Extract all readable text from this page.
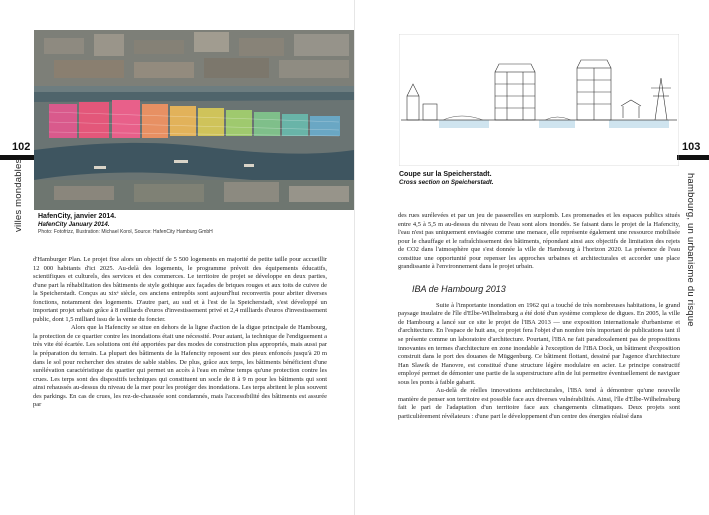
102
villes mondables HafenCity, janvier 2014.
HafenCity January 2014.
Photo: Fotofrizz, Illustration: Michael Korol, Source: HafenCity Hamburg GmbH

d'Hamburger Plan. Le projet fixe alors un objectif de 5 500 logements en majorité de petite taille pour accueillir 12 000 habitants d'ici 2025. Au-delà des logements, le programme prévoit des équipements éducatifs, scientifiques et culturels, des services et des commerces. Le territoire de projet se développe en deux parties, d'une part la réhabilitation des bâtiments de style gothique aux façades de briques rouges et aux toits de cuivre de la Speicherstadt. Conçus au xixᵉ siècle, ces anciens entrepôts sont aujourd'hui reconvertis pour abriter diverses fonctions, notamment des logements. D'autre part, au sud et à l'est de la Speicherstadt, s'est développé un important projet urbain grâce à 8 milliards d'euros d'investissement privé et 2,4 milliards d'euros d'investissement public, dont 1,5 milliard issu de la vente du foncier.

Alors que la Hafencity se situe en dehors de la ligne d'action de la digue principale de Hambourg, la protection de ce quartier contre les inondations était une nécessité. Pour autant, la technique de l'endiguement a très vite été écartée. Les solutions ont été apportées par des modes de construction plus appropriés, mais aussi par la préparation du terrain. La plupart des bâtiments de la Hafencity reposent sur des pieux enfoncés jusqu'à 20 m dans le sol pour rechercher des strates de sable stables. De plus, grâce aux terps, les bâtiments bénéficient d'une surélévation caractéristique du quartier qui permet un accès à l'eau en même temps qu'une protection contre les crues. Les terps sont des dispositifs techniques qui constituent un socle de 8 à 9 m pour les bâtiments qui sont ainsi rehaussés au-dessus du niveau de la mer pour les protéger des inondations. Les terps abritent le plus souvent des parkings. En cas de crues, les rez-de-chaussée sont condamnés, mais l'accessibilité des bâtiments est assurée par

103
hambourg, un urbanisme du risque
Coupe sur la Speicherstadt.
Cross section on Speicherstadt.

des rues surélevées et par un jeu de passerelles en surplomb. Les promenades et les espaces publics situés entre 4,5 à 5,5 m au-dessus du niveau de l'eau sont alors inondés. Se faisant dans le projet de la Hafencity, l'eau n'est pas uniquement envisagée comme une menace, elle représente également une ressource mobilisée pour le chauffage et le rafraîchissement des bâtiments, répondant ainsi aux objectifs de limitation des rejets de CO2 dans l'atmosphère que s'est donnée la ville de Hambourg à l'horizon 2020. La présence de l'eau constitue une opportunité pour repenser les approches urbaines et architecturales et accorder une place grandissante à l'environnement dans le projet urbain.

IBA de Hambourg 2013

Suite à l'importante inondation en 1962 qui a touché de très nombreuses habitations, le grand paysage insulaire de l'île d'Elbe-Wilhelmsburg a été doté d'un système complexe de digues. En 2005, la ville de Hambourg a lancé sur ce site le projet de l'IBA 2013 — une exposition internationale d'urbanisme et d'architecture. En l'espace de huit ans, ce projet fera l'objet d'un nombre très important de publications tant il se présente comme un laboratoire d'architecture. Pourtant, l'IBA ne fait paradoxalement pas de propositions innovantes en termes d'architecture en zone inondable à l'exception de l'IBA Dock, un bâtiment d'exposition construit dans le port des douanes de Müggenburg. Ce bâtiment flottant, dessiné par l'agence d'architecture Han Slawik de Hanovre, est constitué d'une structure légère modulaire en acier. Le principe constructif employé permet de démonter une partie de la superstructure afin de lui permettre éventuellement de naviguer sous les ponts à faible gabarit.

Au-delà de réelles innovations architecturales, l'IBA tend à démontrer qu'une nouvelle manière de penser son territoire est possible face aux diverses vulnérabilités. Ainsi, l'île d'Elbe-Wilhelmsburg fait le pari de l'adaptation d'un territoire face aux changements climatiques. Deux projets sont particulièrement révélateurs : d'une part le développement d'un centre des énergies réalisé dans
